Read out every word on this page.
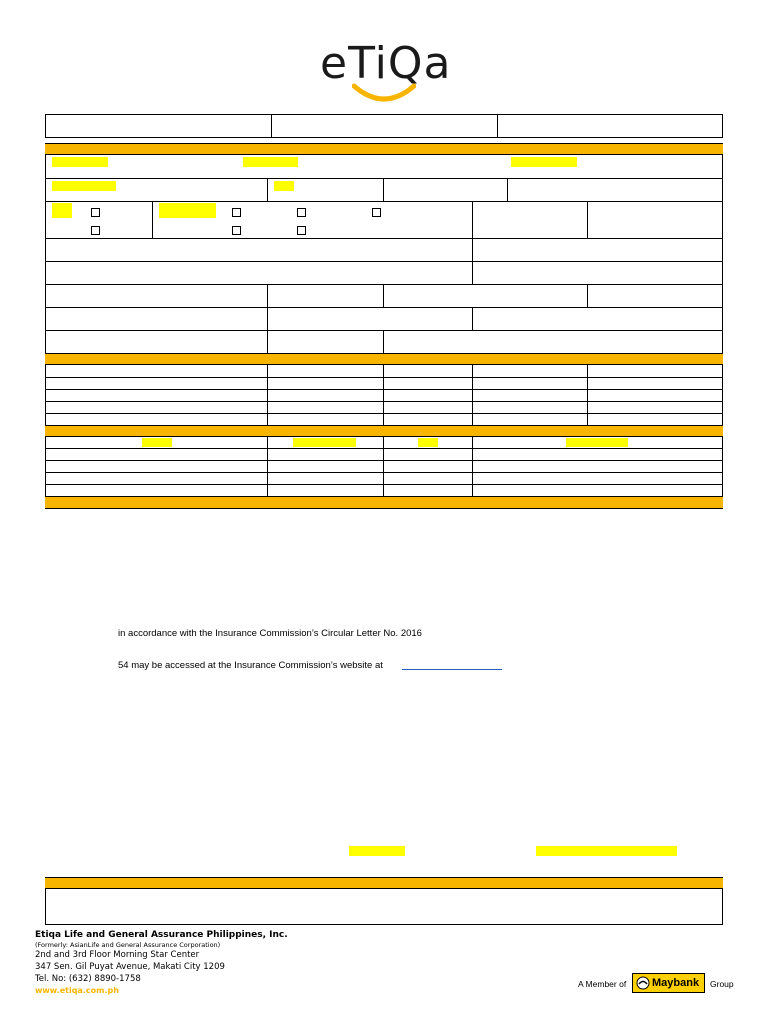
eTiQa
in accordance with the Insurance Commission’s Circular Letter No. 2016
54 may be accessed at the Insurance Commission’s website at
Etiqa Life and General Assurance Philippines, Inc.
(Formerly: AsianLife and General Assurance Corporation)
2nd and 3rd Floor Morning Star Center
347 Sen. Gil Puyat Avenue, Makati City 1209
Tel. No: (632) 8890-1758
www.etiqa.com.ph
A Member of Maybank Group
